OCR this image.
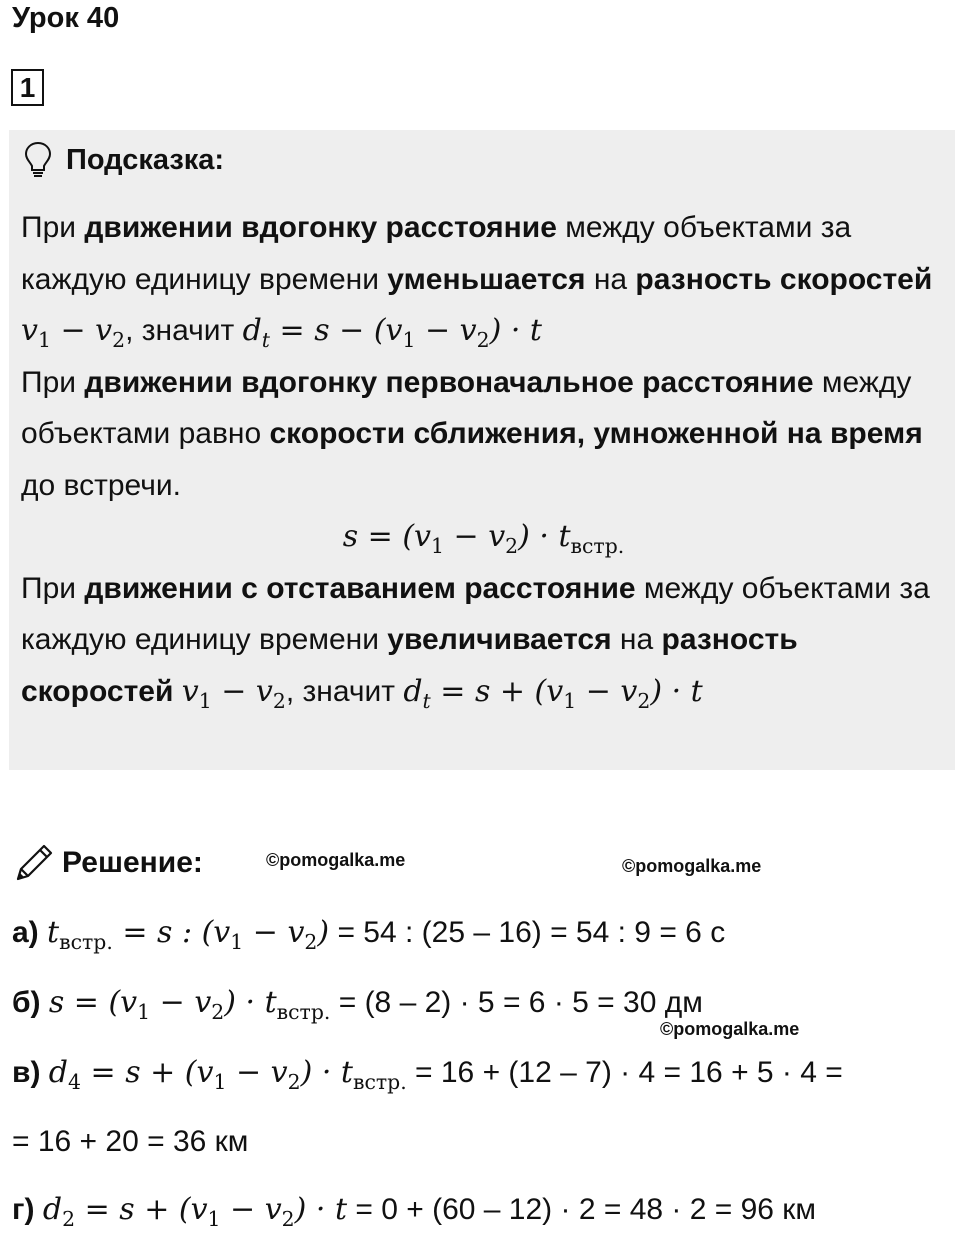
Урок 40
1
Подсказка:

При движении вдогонку расстояние между объектами за каждую единицу времени уменьшается на разность скоростей $v_1 - v_2$, значит $d_t = s - (v_1 - v_2) \cdot t$

При движении вдогонку первоначальное расстояние между объектами равно скорости сближения, умноженной на время до встречи.

$s = (v_1 - v_2) \cdot t_{встр.}$

При движении с отставанием расстояние между объектами за каждую единицу времени увеличивается на разность скоростей $v_1 - v_2$, значит $d_t = s + (v_1 - v_2) \cdot t$

Решение:	©pomogalka.me	©pomogalka.me
©pomogalka.me
а) $t_{встр.} = s$ : $(v_1 - v_2) = 54$ : (25 – 16) = 54 : 9 = 6 с
б) $s = (v_1 - v_2) \cdot t_{встр.} = (8 - 2) \cdot 5 = 6 \cdot 5 = 30$ дм
в) $d_4 = s + (v_1 - v_2) \cdot t_{встр.} = 16 + (12 - 7) \cdot 4 = 16 + 5 \cdot 4$ =
= 16 + 20 = 36 км
г) $d_2 = s + (v_1 - v_2) \cdot t = 0 + (60 - 12) \cdot 2 = 48 \cdot 2 = 96$ км
